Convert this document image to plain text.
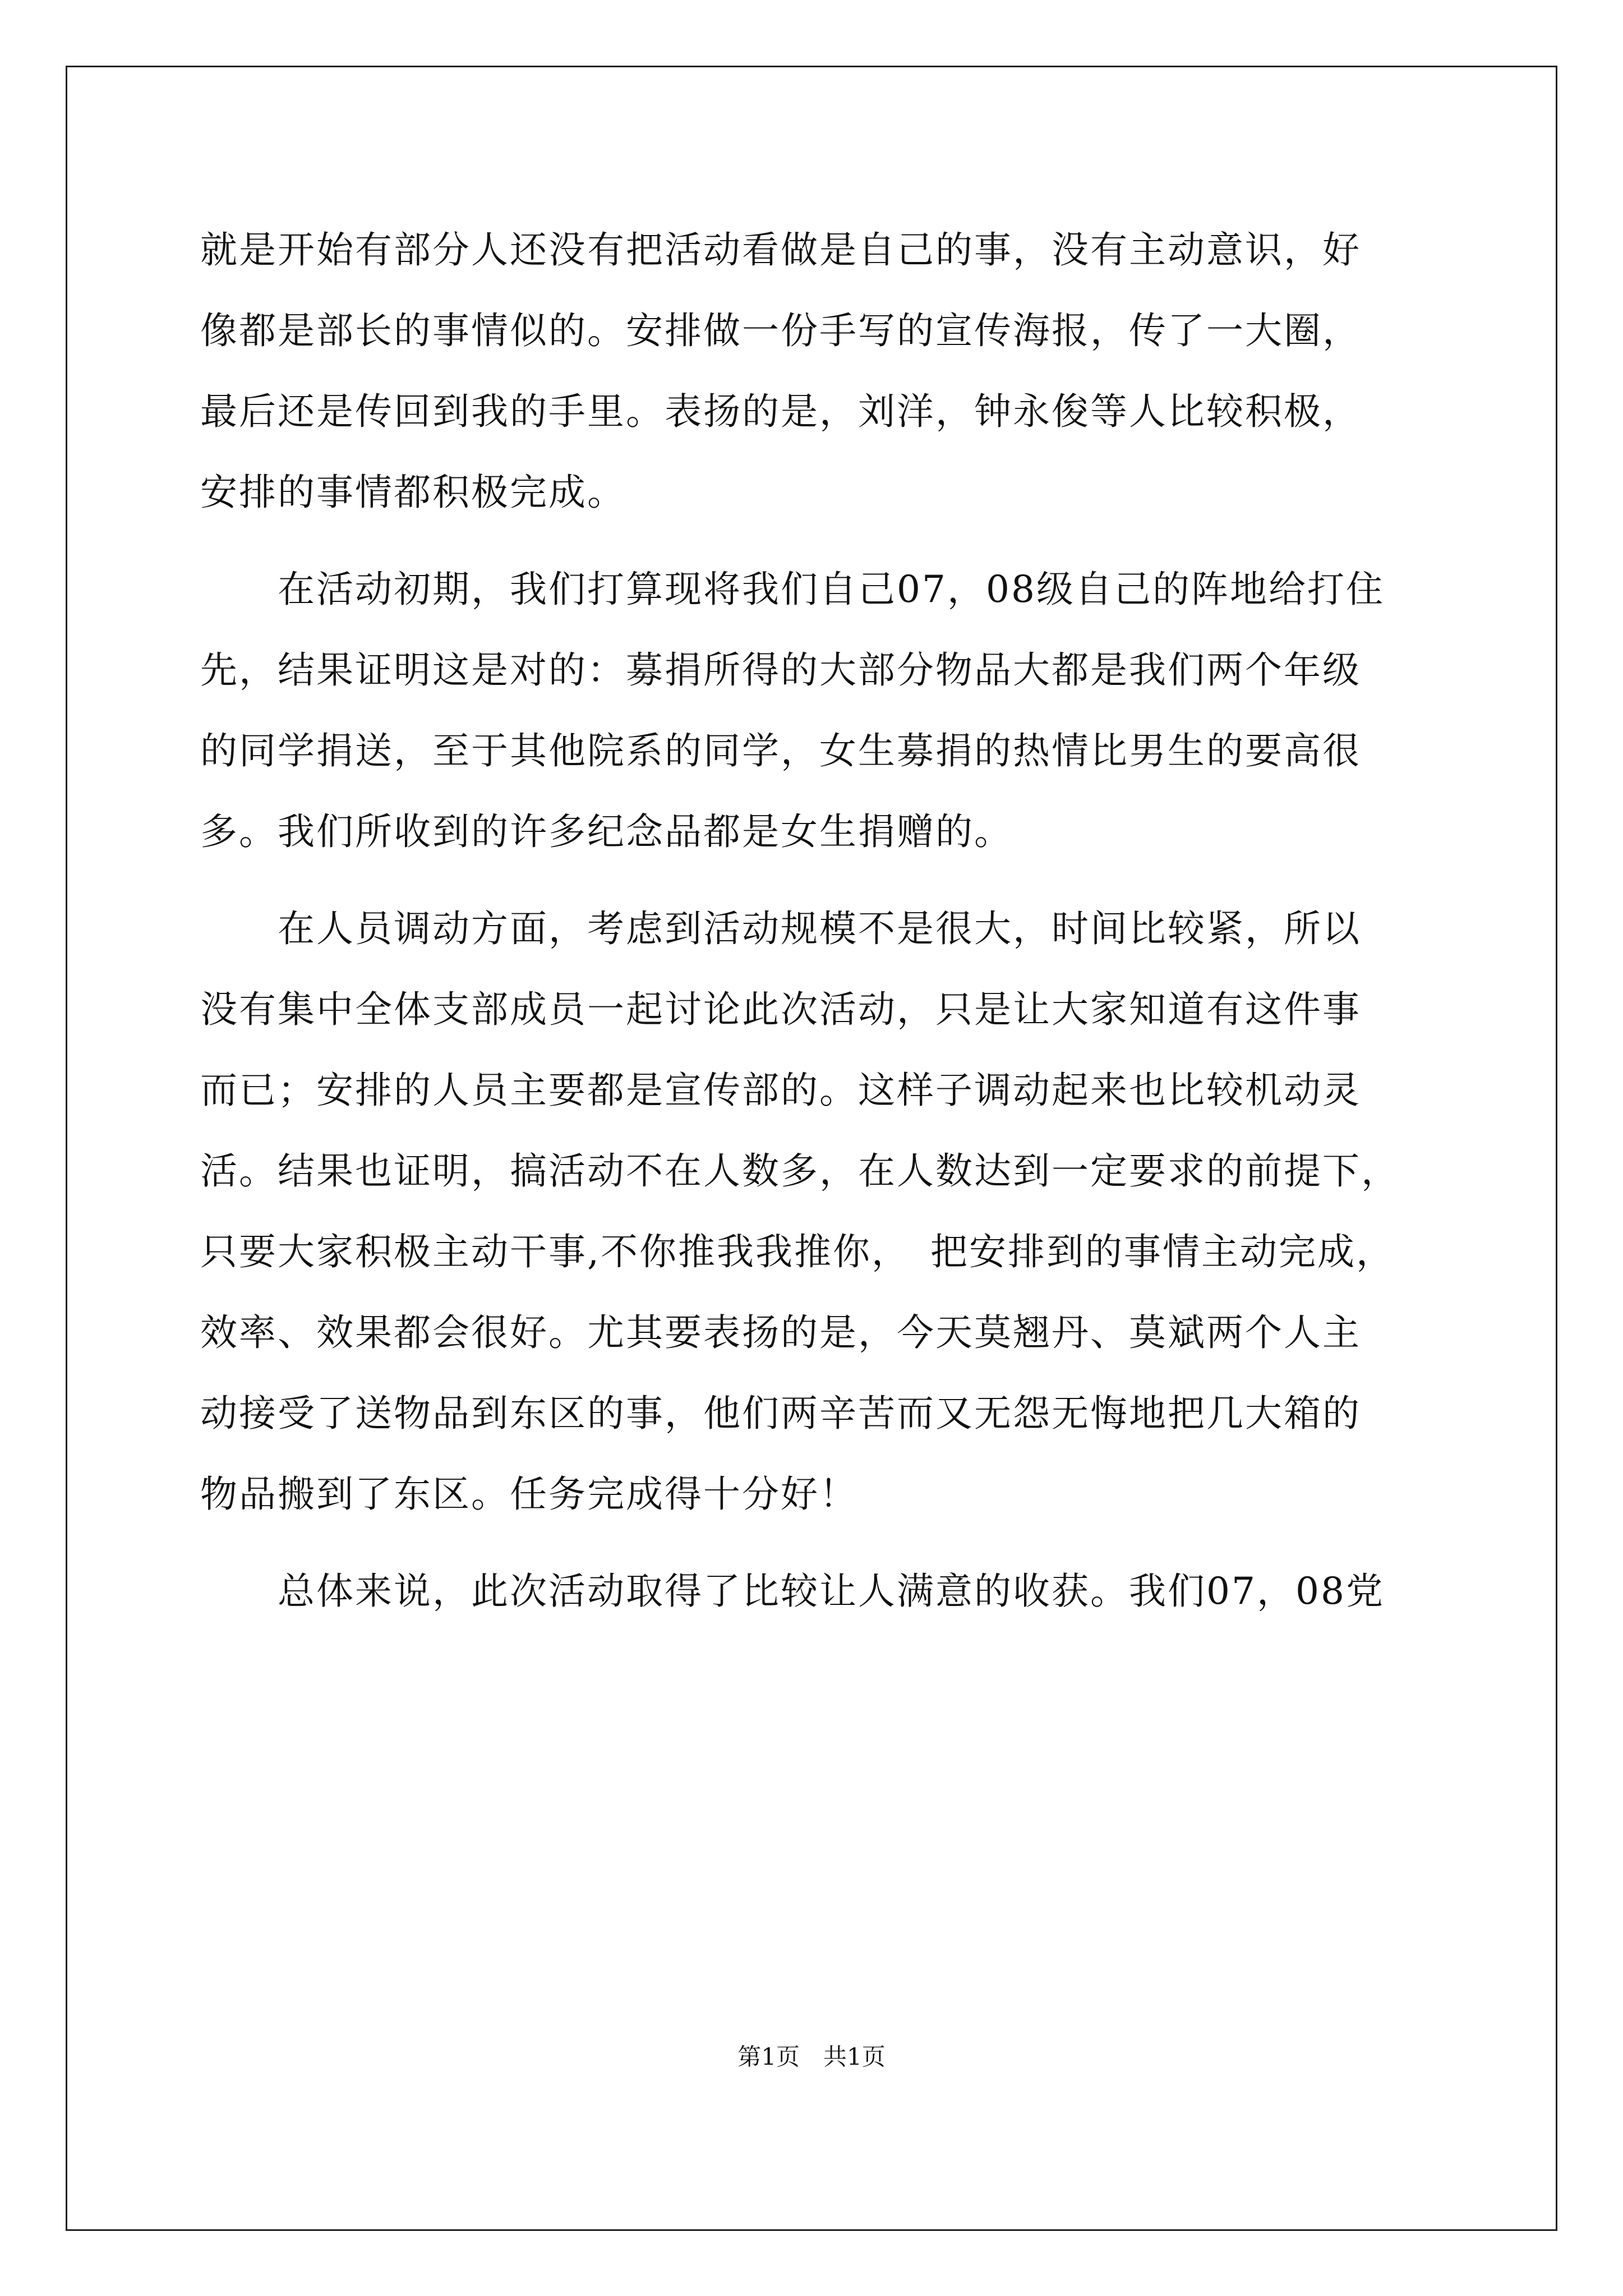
就是开始有部分人还没有把活动看做是自己的事，没有主动意识，好
像都是部长的事情似的。安排做一份手写的宣传海报，传了一大圈，
最后还是传回到我的手里。表扬的是，刘洋，钟永俊等人比较积极，
安排的事情都积极完成。
　　在活动初期，我们打算现将我们自己07，08级自己的阵地给打住
先，结果证明这是对的：募捐所得的大部分物品大都是我们两个年级
的同学捐送，至于其他院系的同学，女生募捐的热情比男生的要高很
多。我们所收到的许多纪念品都是女生捐赠的。
　　在人员调动方面，考虑到活动规模不是很大，时间比较紧，所以
没有集中全体支部成员一起讨论此次活动，只是让大家知道有这件事
而已；安排的人员主要都是宣传部的。这样子调动起来也比较机动灵
活。结果也证明，搞活动不在人数多，在人数达到一定要求的前提下，
只要大家积极主动干事,不你推我我推你，　把安排到的事情主动完成，
效率、效果都会很好。尤其要表扬的是，今天莫翘丹、莫斌两个人主
动接受了送物品到东区的事，他们两辛苦而又无怨无悔地把几大箱的
物品搬到了东区。任务完成得十分好！
　　总体来说，此次活动取得了比较让人满意的收获。我们07，08党
第1页　共1页
